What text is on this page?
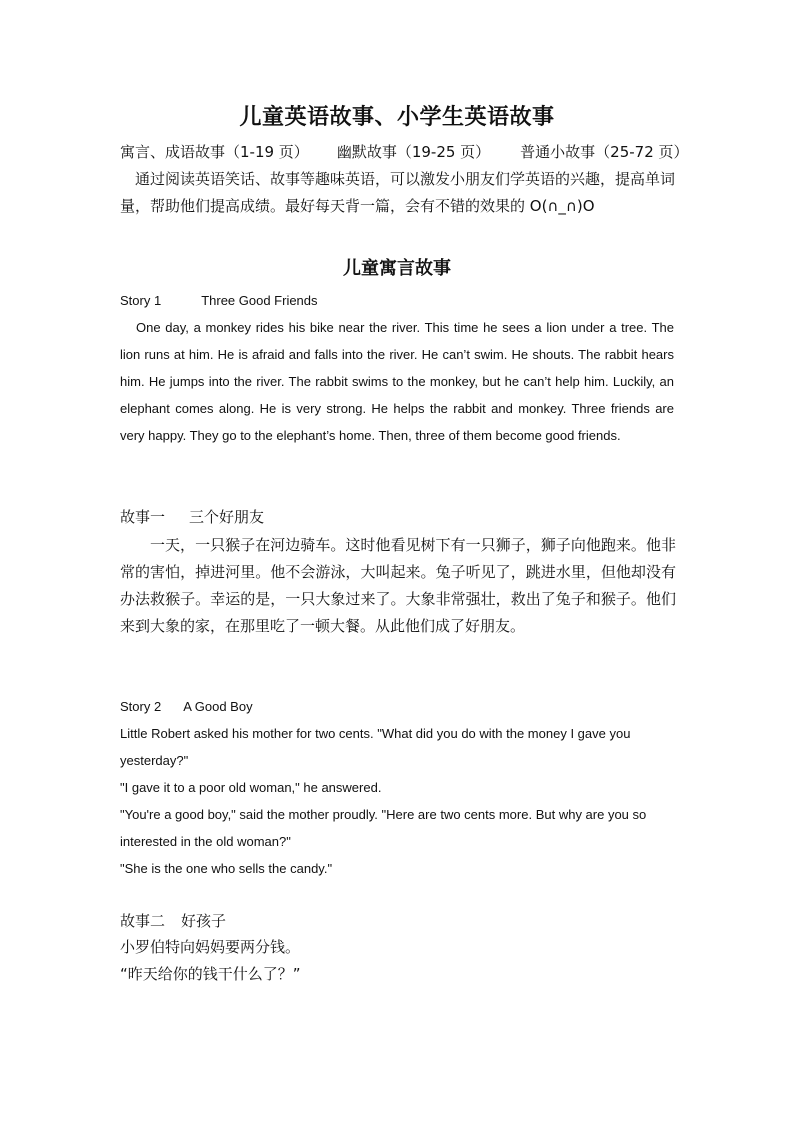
儿童英语故事、小学生英语故事
寓言、成语故事（1-19 页） 幽默故事（19-25 页） 普通小故事（25-72 页）
通过阅读英语笑话、故事等趣味英语，可以激发小朋友们学英语的兴趣，提高单词量，帮助他们提高成绩。最好每天背一篇，会有不错的效果的 O(∩_∩)O
儿童寓言故事
Story 1	Three Good Friends
One day, a monkey rides his bike near the river. This time he sees a lion under a tree. The lion runs at him. He is afraid and falls into the river. He can’t swim. He shouts. The rabbit hears him. He jumps into the river. The rabbit swims to the monkey, but he can’t help him. Luckily, an elephant comes along. He is very strong. He helps the rabbit and monkey. Three friends are very happy. They go to the elephant’s home. Then, three of them become good friends.
故事一 三个好朋友
一天，一只猴子在河边骑车。这时他看见树下有一只狮子，狮子向他跑来。他非常的害怕，掉进河里。他不会游泳，大叫起来。兔子听见了，跳进水里，但他却没有办法救猴子。幸运的是，一只大象过来了。大象非常强壮，救出了兔子和猴子。他们来到大象的家，在那里吃了一顿大餐。从此他们成了好朋友。
Story 2 A Good Boy

Little Robert asked his mother for two cents. "What did you do with the money I gave you yesterday?"

"I gave it to a poor old woman," he answered.

"You're a good boy," said the mother proudly. "Here are two cents more. But why are you so interested in the old woman?"

"She is the one who sells the candy."

故事二 好孩子

小罗伯特向妈妈要两分钱。

“昨天给你的钱干什么了？”
